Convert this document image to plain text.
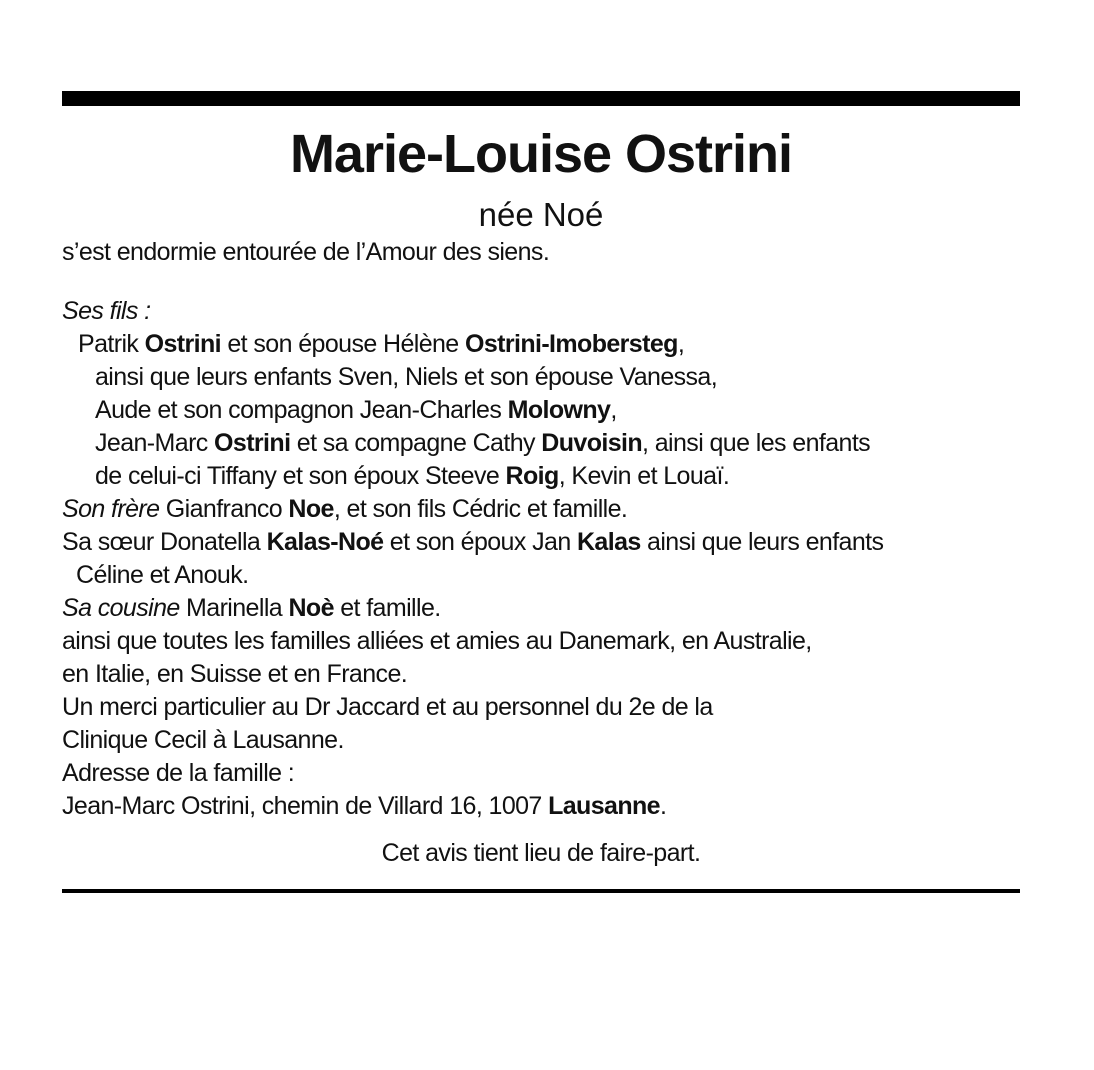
Marie-Louise Ostrini
née Noé
s’est endormie entourée de l’Amour des siens.
Ses fils :
Patrik Ostrini et son épouse Hélène Ostrini-Imobersteg,
ainsi que leurs enfants Sven, Niels et son épouse Vanessa,
Aude et son compagnon Jean-Charles Molowny,
Jean-Marc Ostrini et sa compagne Cathy Duvoisin, ainsi que les enfants
de celui-ci Tiffany et son époux Steeve Roig, Kevin et Louaï.
Son frère Gianfranco Noe, et son fils Cédric et famille.
Sa sœur Donatella Kalas-Noé et son époux Jan Kalas ainsi que leurs enfants
Céline et Anouk.
Sa cousine Marinella Noè et famille.
ainsi que toutes les familles alliées et amies au Danemark, en Australie,
en Italie, en Suisse et en France.
Un merci particulier au Dr Jaccard et au personnel du 2e de la
Clinique Cecil à Lausanne.
Adresse de la famille :
Jean-Marc Ostrini, chemin de Villard 16, 1007 Lausanne.
Cet avis tient lieu de faire-part.
